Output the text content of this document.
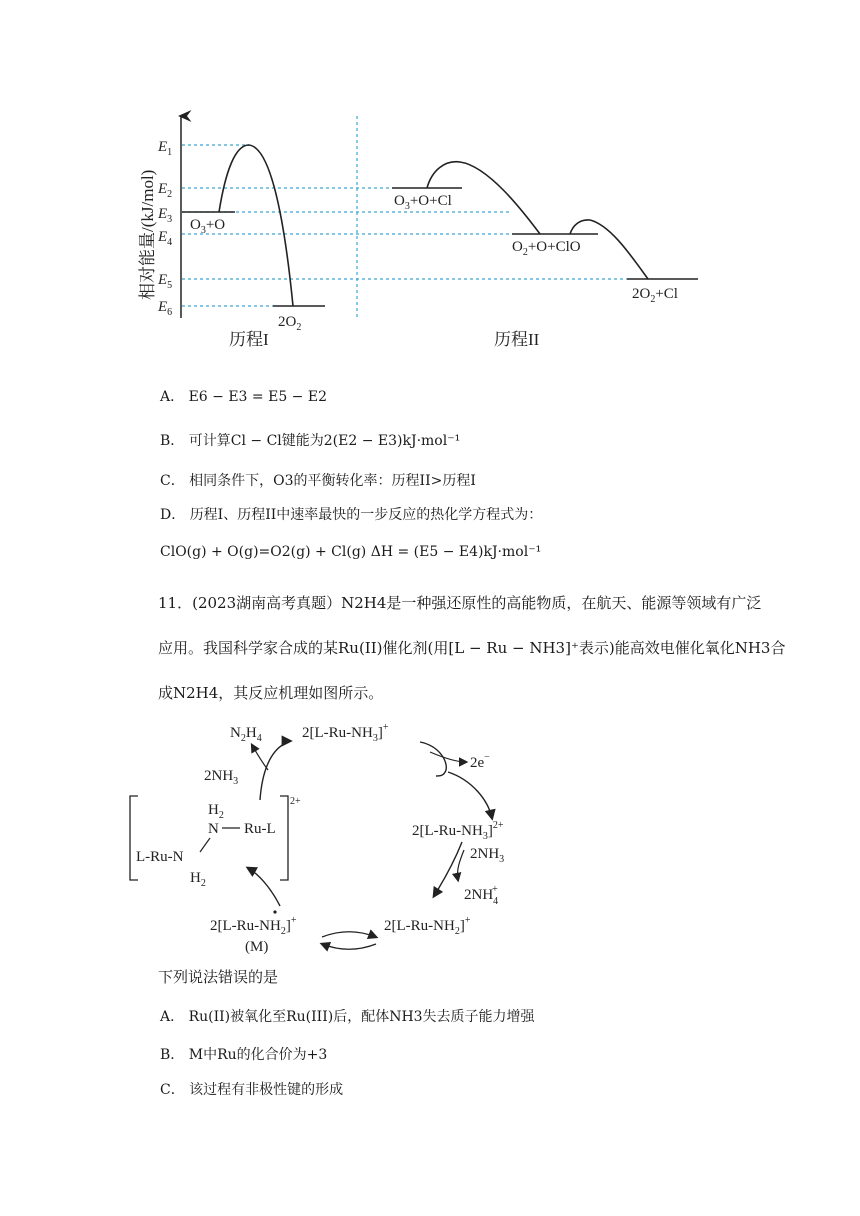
相对能量/(kJ/mol)
$E_1$
$E_2$
$E_3$
$E_4$
$E_5$
$E_6$
$O_3+O$
$2O_2$
$O_3+O+Cl$
$O_2+O+ClO$
$2O_2+Cl$
历程I	历程II
A． E6 − E3 = E5 − E2
B． 可计算Cl − Cl键能为2(E2 − E3)kJ·mol⁻¹
C． 相同条件下，O3的平衡转化率：历程II>历程I
D． 历程I、历程II中速率最快的一步反应的热化学方程式为：
ClO(g) + O(g)=O2(g) + Cl(g) ΔH = (E5 − E4)kJ·mol⁻¹
11．(2023湖南高考真题）N2H4是一种强还原性的高能物质，在航天、能源等领域有广泛
应用。我国科学家合成的某Ru(II)催化剂(用[L − Ru − NH3]⁺表示)能高效电催化氧化NH3合
成N2H4，其反应机理如图所示。
$N_2H_4$
$2NH_3$
$2[L-Ru-NH_3]^+$
2e−
$2[L-Ru-NH_3]^{2+}$
$2NH_3$
$2NH_4+$
$2[L-Ru-NH_2]^+$
$2[L-Ru-NH_2]^+$
(M)
2+
$H_2$
N Ru-L
L-Ru-N
$H_2$
下列说法错误的是
A． Ru(II)被氧化至Ru(III)后，配体NH3失去质子能力增强
B． M中Ru的化合价为+3
C． 该过程有非极性键的形成
